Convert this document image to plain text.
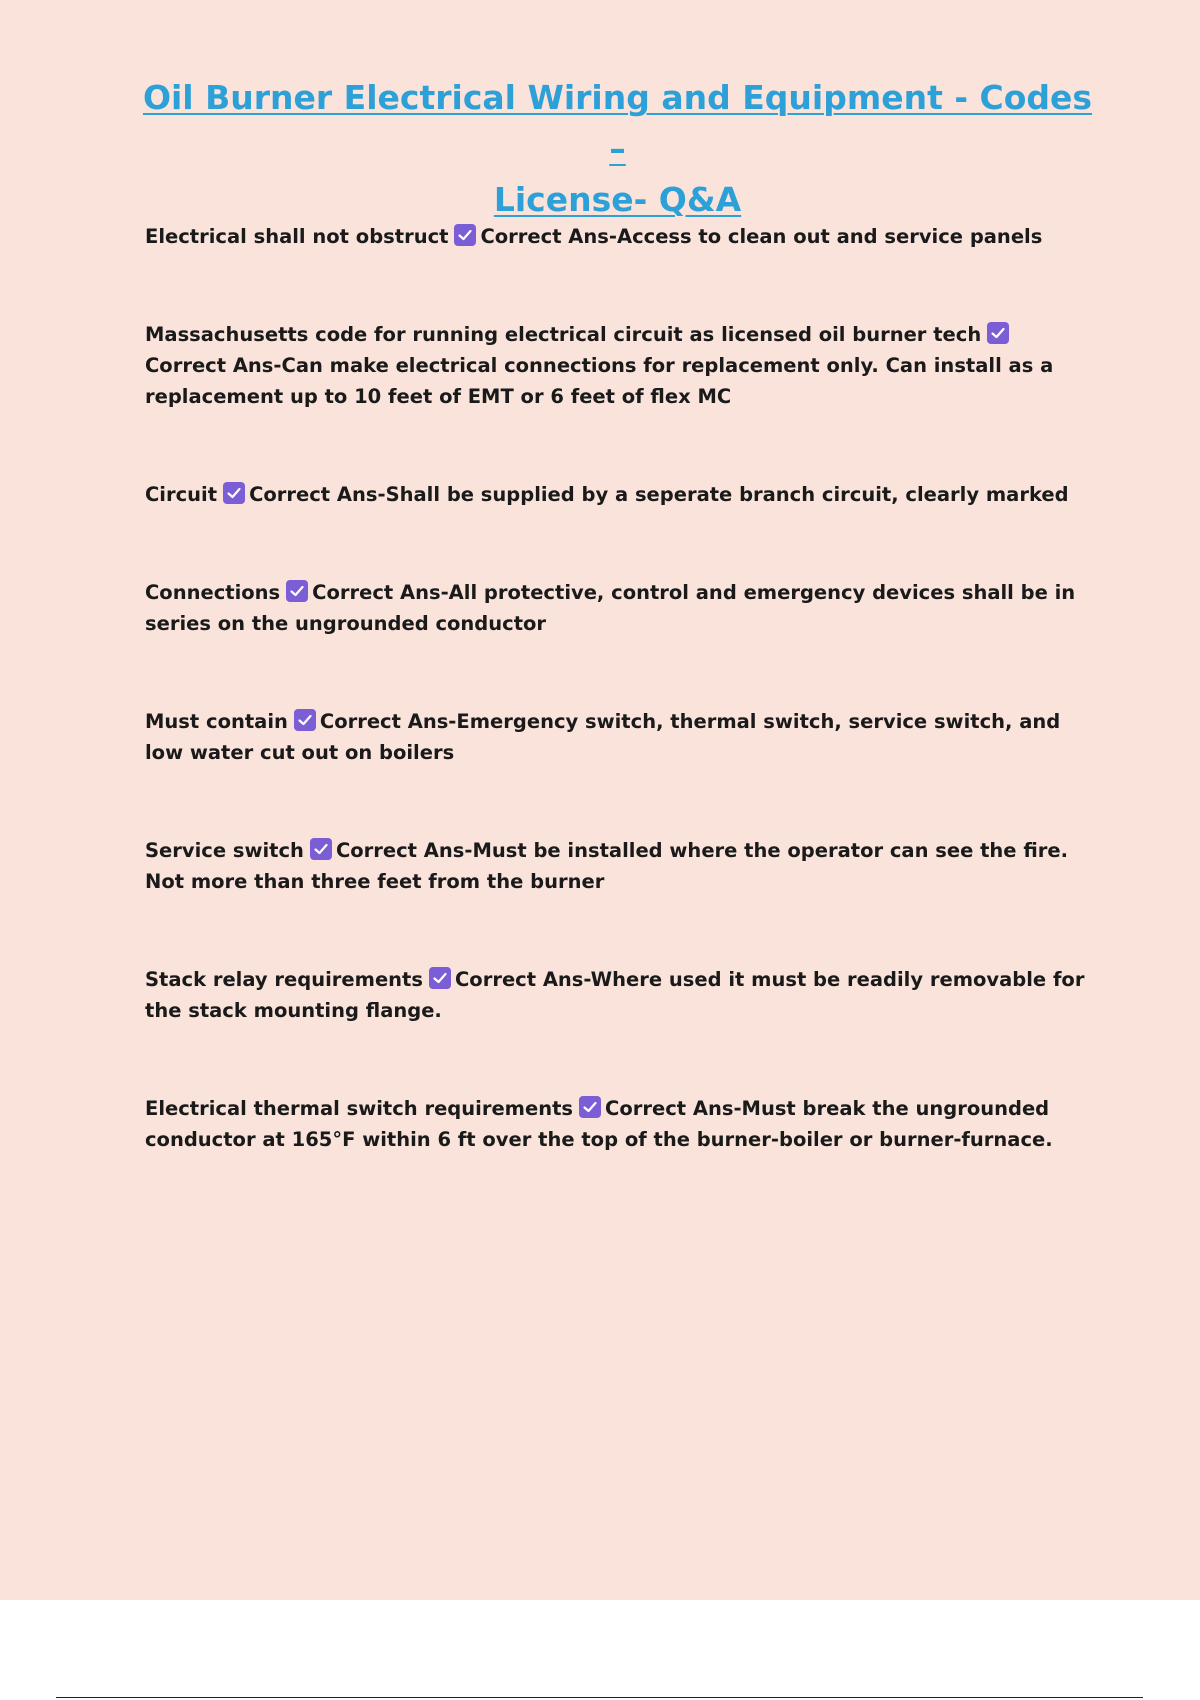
Oil Burner Electrical Wiring and Equipment - Codes –
License- Q&A

Electrical shall not obstruct Correct Ans-Access to clean out and service panels

Massachusetts code for running electrical circuit as licensed oil burner tech
Correct Ans-Can make electrical connections for replacement only. Can install as a replacement up to 10 feet of EMT or 6 feet of flex MC

Circuit Correct Ans-Shall be supplied by a seperate branch circuit, clearly marked

Connections Correct Ans-All protective, control and emergency devices shall be in series on the ungrounded conductor

Must contain Correct Ans-Emergency switch, thermal switch, service switch, and low water cut out on boilers

Service switch Correct Ans-Must be installed where the operator can see the fire. Not more than three feet from the burner

Stack relay requirements Correct Ans-Where used it must be readily removable for the stack mounting flange.

Electrical thermal switch requirements Correct Ans-Must break the ungrounded conductor at 165°F within 6 ft over the top of the burner-boiler or burner-furnace.
